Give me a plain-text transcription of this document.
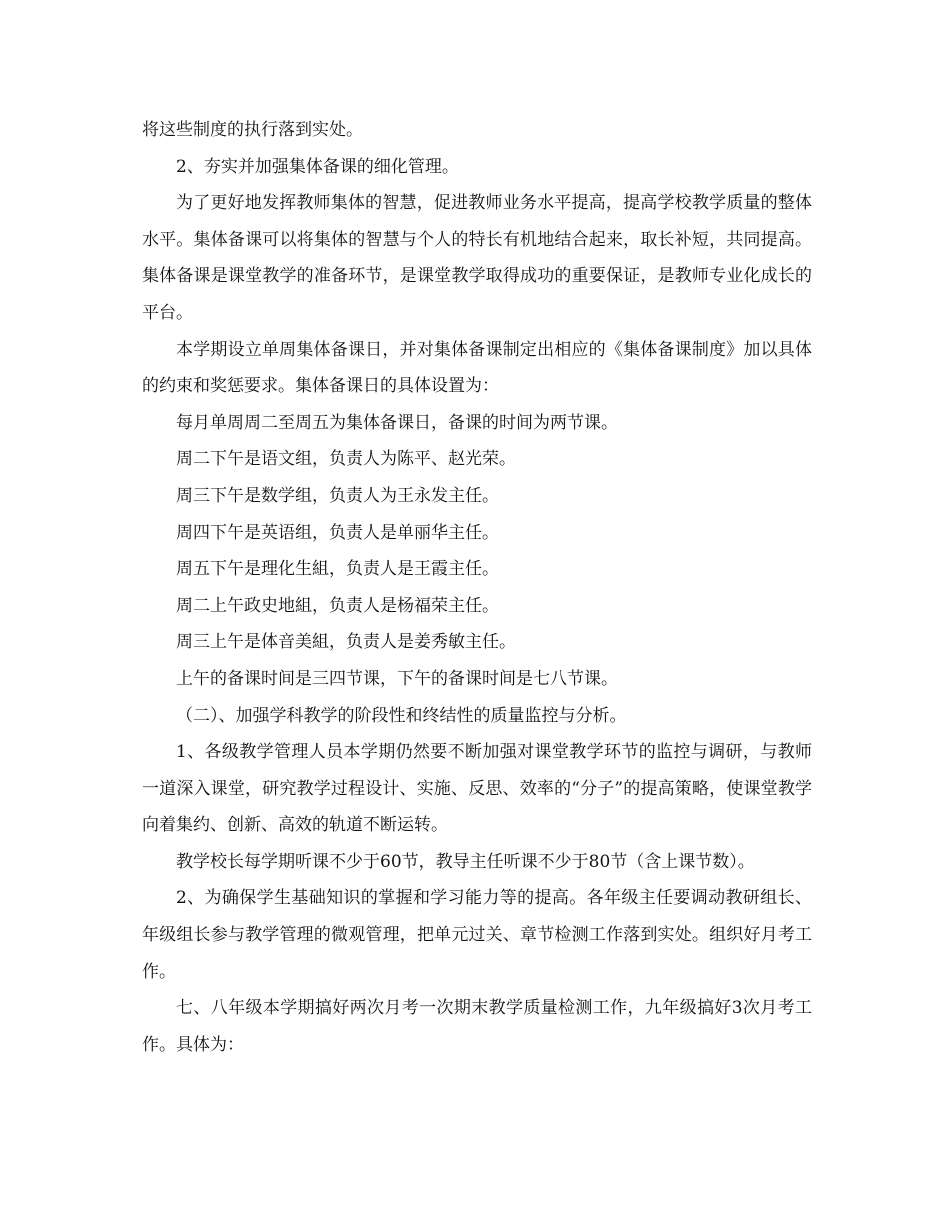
将这些制度的执行落到实处。

2、夯实并加强集体备课的细化管理。

为了更好地发挥教师集体的智慧，促进教师业务水平提高，提高学校教学质量的整体水平。集体备课可以将集体的智慧与个人的特长有机地结合起来，取长补短，共同提高。集体备课是课堂教学的准备环节，是课堂教学取得成功的重要保证，是教师专业化成长的平台。

本学期设立单周集体备课日，并对集体备课制定出相应的《集体备课制度》加以具体的约束和奖惩要求。集体备课日的具体设置为：

每月单周周二至周五为集体备课日，备课的时间为两节课。

周二下午是语文组，负责人为陈平、赵光荣。

周三下午是数学组，负责人为王永发主任。

周四下午是英语组，负责人是单丽华主任。

周五下午是理化生組，负责人是王霞主任。

周二上午政史地組，负责人是杨福荣主任。

周三上午是体音美組，负责人是姜秀敏主任。

上午的备课时间是三四节课，下午的备课时间是七八节课。

（二）、加强学科教学的阶段性和终结性的质量监控与分析。

1、各级教学管理人员本学期仍然要不断加强对课堂教学环节的监控与调研，与教师一道深入课堂，研究教学过程设计、实施、反思、效率的“分子”的提高策略，使课堂教学向着集约、创新、高效的轨道不断运转。

教学校长每学期听课不少于60节，教导主任听课不少于80节（含上课节数）。

2、为确保学生基础知识的掌握和学习能力等的提高。各年级主任要调动教研组长、年级组长参与教学管理的微观管理，把单元过关、章节检测工作落到实处。组织好月考工作。

七、八年级本学期搞好两次月考一次期末教学质量检测工作，九年级搞好3次月考工作。具体为：
